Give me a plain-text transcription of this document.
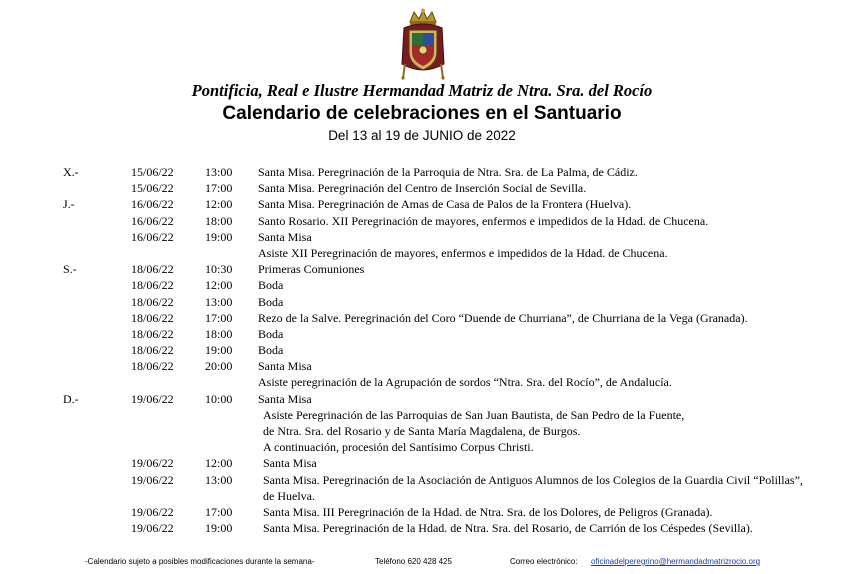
Pontificia, Real e Ilustre Hermandad Matriz de Ntra. Sra. del Rocío
Calendario de celebraciones en el Santuario
Del 13 al 19 de JUNIO de 2022
X.-	15/06/22	13:00 Santa Misa. Peregrinación de la Parroquia de Ntra. Sra. de La Palma, de Cádiz.
15/06/22	17:00 Santa Misa. Peregrinación del Centro de Inserción Social de Sevilla.
J.-	16/06/22	12:00 Santa Misa. Peregrinación de Amas de Casa de Palos de la Frontera (Huelva).
16/06/22	18:00 Santo Rosario. XII Peregrinación de mayores, enfermos e impedidos de la Hdad. de Chucena.
16/06/22	19:00 Santa Misa
Asiste XII Peregrinación de mayores, enfermos e impedidos de la Hdad. de Chucena.
S.-	18/06/22	10:30 Primeras Comuniones
18/06/22	12:00 Boda
18/06/22	13:00 Boda
18/06/22	17:00 Rezo de la Salve. Peregrinación del Coro “Duende de Churriana”, de Churriana de la Vega (Granada).
18/06/22	18:00 Boda
18/06/22	19:00 Boda
18/06/22	20:00 Santa Misa
Asiste peregrinación de la Agrupación de sordos “Ntra. Sra. del Rocío”, de Andalucía.
D.-	19/06/22	10:00 Santa Misa
Asiste Peregrinación de las Parroquias de San Juan Bautista, de San Pedro de la Fuente,
de Ntra. Sra. del Rosario y de Santa María Magdalena, de Burgos.
A continuación, procesión del Santísimo Corpus Christi.
19/06/22	12:00	Santa Misa
19/06/22	13:00	Santa Misa. Peregrinación de la Asociación de Antiguos Alumnos de los Colegios de la Guardia Civil “Polillas”,
de Huelva.
19/06/22	17:00	Santa Misa. III Peregrinación de la Hdad. de Ntra. Sra. de los Dolores, de Peligros (Granada).
19/06/22	19:00	Santa Misa. Peregrinación de la Hdad. de Ntra. Sra. del Rosario, de Carrión de los Céspedes (Sevilla).
-Calendario sujeto a posibles modificaciones durante la semana-	Teléfono 620 428 425	Correo electrónico: oficinadelperegrino@hermandadmatrizrocio.org
